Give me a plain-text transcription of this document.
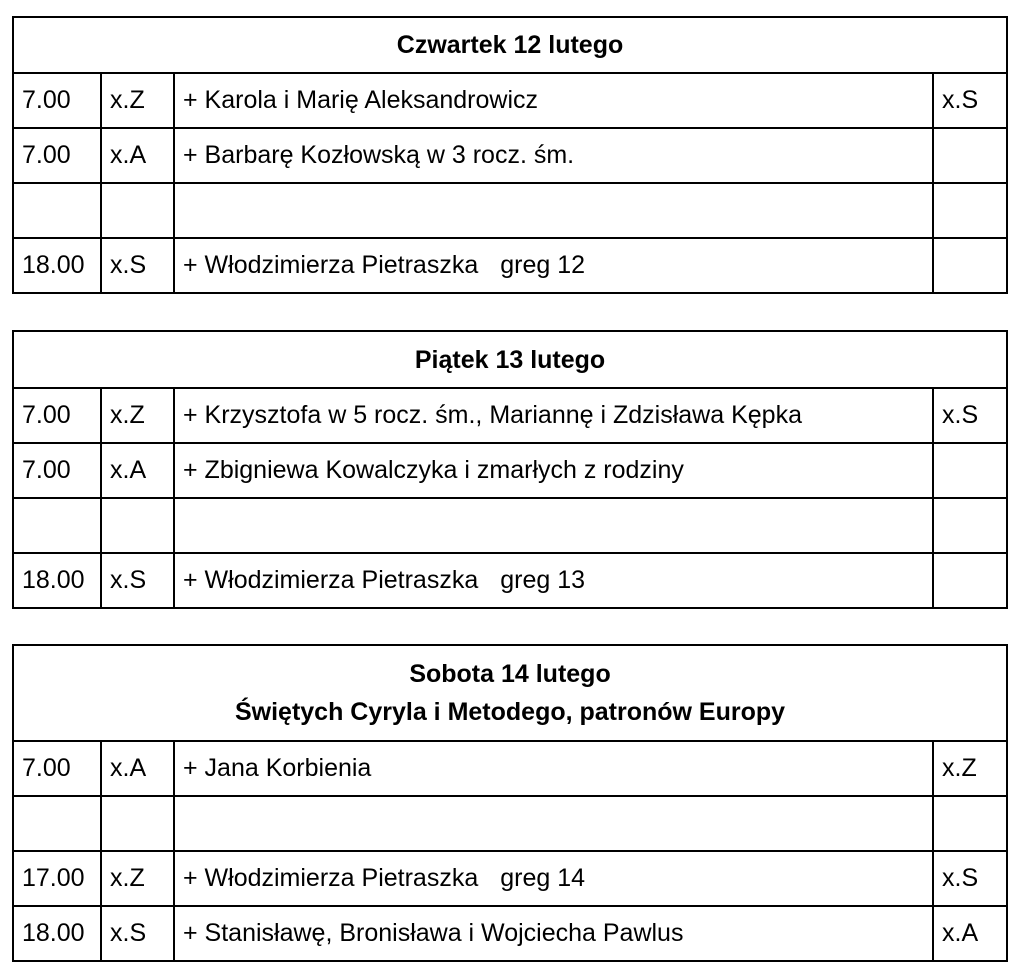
Czwartek 12 lutego			

7.00	x.Z	+ Karola i Marię Aleksandrowicz	x.S
7.00	x.A	+ Barbarę Kozłowską w 3 rocz. śm.	

18.00	x.S	+ Włodzimierza Pietraszka greg 12	
Piątek 13 lutego			

7.00	x.Z	+ Krzysztofa w 5 rocz. śm., Mariannę i Zdzisława Kępka	x.S
7.00	x.A	+ Zbigniewa Kowalczyka i zmarłych z rodziny	

18.00	x.S	+ Włodzimierza Pietraszka greg 13	
Sobota 14 lutego
Świętych Cyryla i Metodego, patronów Europy			

7.00	x.A	+ Jana Korbienia	x.Z

17.00	x.Z	+ Włodzimierza Pietraszka greg 14	x.S
18.00	x.S	+ Stanisławę, Bronisława i Wojciecha Pawlus	x.A
